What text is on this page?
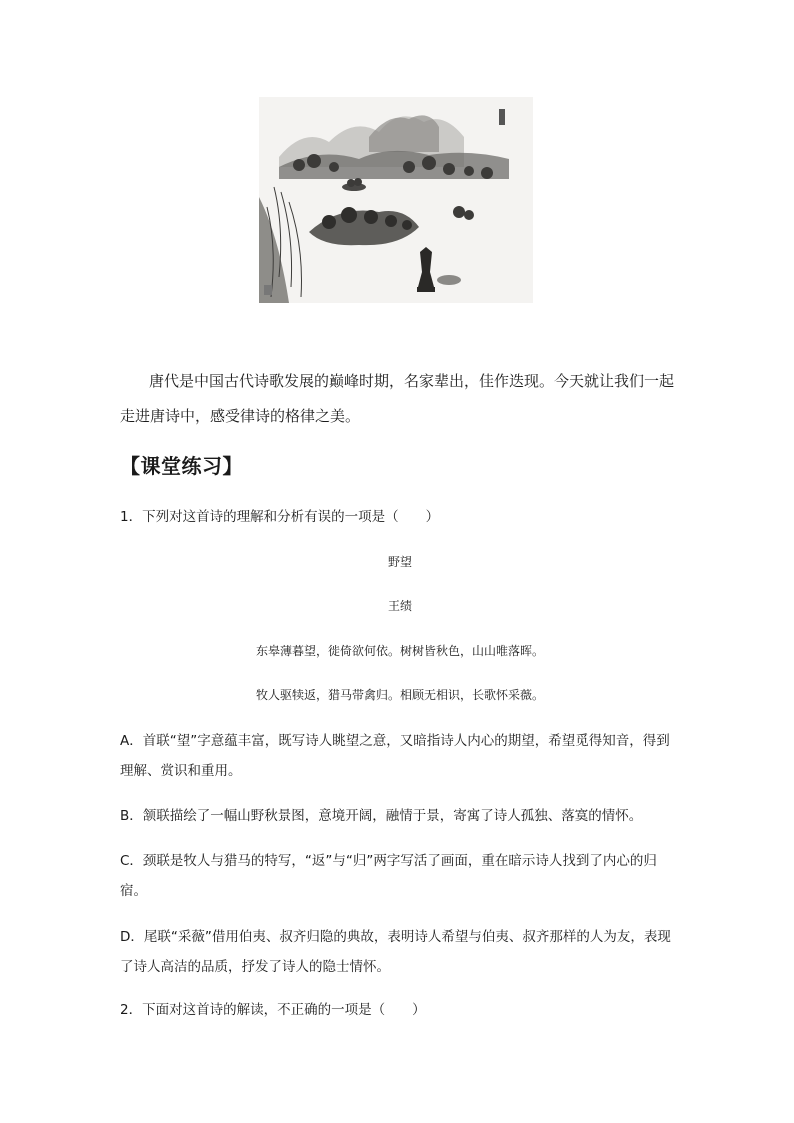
唐代是中国古代诗歌发展的巅峰时期，名家辈出，佳作迭现。今天就让我们一起走进唐诗中，感受律诗的格律之美。

【课堂练习】

1．下列对这首诗的理解和分析有误的一项是（　　）

野望

王绩

东皋薄暮望，徙倚欲何依。树树皆秋色，山山唯落晖。

牧人驱犊返，猎马带禽归。相顾无相识，长歌怀采薇。

A．首联“望”字意蕴丰富，既写诗人眺望之意，又暗指诗人内心的期望，希望觅得知音，得到理解、赏识和重用。

B．颔联描绘了一幅山野秋景图，意境开阔，融情于景，寄寓了诗人孤独、落寞的情怀。

C．颈联是牧人与猎马的特写，“返”与“归”两字写活了画面，重在暗示诗人找到了内心的归宿。

D．尾联“采薇”借用伯夷、叔齐归隐的典故，表明诗人希望与伯夷、叔齐那样的人为友，表现了诗人高洁的品质，抒发了诗人的隐士情怀。

2．下面对这首诗的解读，不正确的一项是（　　）
